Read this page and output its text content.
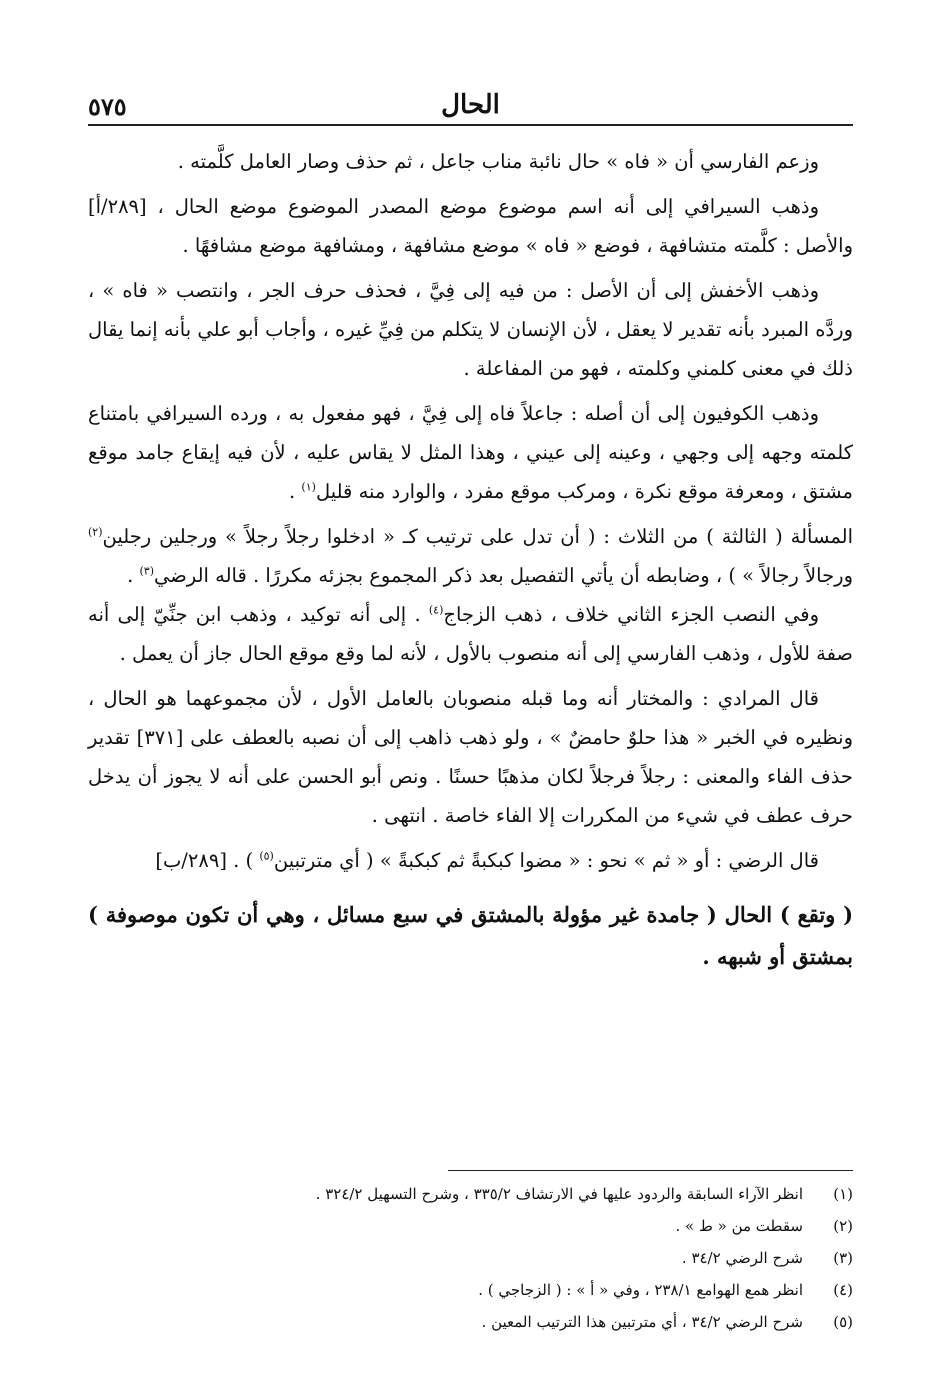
٥٧٥	الحال

وزعم الفارسي أن « فاه » حال نائبة مناب جاعل ، ثم حذف وصار العامل كلَّمته .

وذهب السيرافي إلى أنه اسم موضوع موضع المصدر الموضوع موضع الحال ، [٢٨٩/أ] والأصل : كلَّمته متشافهة ، فوضع « فاه » موضع مشافهة ، ومشافهة موضع مشافهًا .

وذهب الأخفش إلى أن الأصل : من فيه إلى فِيَّ ، فحذف حرف الجر ، وانتصب « فاه » ، وردَّه المبرد بأنه تقدير لا يعقل ، لأن الإنسان لا يتكلم من فِيِّ غيره ، وأجاب أبو علي بأنه إنما يقال ذلك في معنى كلمني وكلمته ، فهو من المفاعلة .

وذهب الكوفيون إلى أن أصله : جاعلاً فاه إلى فِيَّ ، فهو مفعول به ، ورده السيرافي بامتناع كلمته وجهه إلى وجهي ، وعينه إلى عيني ، وهذا المثل لا يقاس عليه ، لأن فيه إيقاع جامد موقع مشتق ، ومعرفة موقع نكرة ، ومركب موقع مفرد ، والوارد منه قليل$^{(١)}$ .

المسألة ( الثالثة ) من الثلاث : ( أن تدل على ترتيب كـ « ادخلوا رجلاً رجلاً » ورجلين رجلين$^{(٢)}$ ورجالاً رجالاً » ) ، وضابطه أن يأتي التفصيل بعد ذكر المجموع بجزئه مكررًا . قاله الرضي$^{(٣)}$ .

وفي النصب الجزء الثاني خلاف ، ذهب الزجاج$^{(٤)}$ . إلى أنه توكيد ، وذهب ابن جنِّيّ إلى أنه صفة للأول ، وذهب الفارسي إلى أنه منصوب بالأول ، لأنه لما وقع موقع الحال جاز أن يعمل .

قال المرادي : والمختار أنه وما قبله منصوبان بالعامل الأول ، لأن مجموعهما هو الحال ، ونظيره في الخبر « هذا حلوٌ حامضٌ » ، ولو ذهب ذاهب إلى أن نصبه بالعطف على [٣٧١] تقدير حذف الفاء والمعنى : رجلاً فرجلاً لكان مذهبًا حسنًا . ونص أبو الحسن على أنه لا يجوز أن يدخل حرف عطف في شيء من المكررات إلا الفاء خاصة . انتهى .

قال الرضي : أو « ثم » نحو : « مضوا كبكبةً ثم كبكبةً » ( أي مترتبين$^{(٥)}$ ) . [٢٨٩/ب]

( وتقع ) الحال ( جامدة غير مؤولة بالمشتق في سبع مسائل ، وهي أن تكون موصوفة ) بمشتق أو شبهه .
(١)
انظر الآراء السابقة والردود عليها في الارتشاف ٣٣٥/٢ ، وشرح التسهيل ٣٢٤/٢ .
(٢)
سقطت من « ط » .
(٣)
شرح الرضي ٣٤/٢ .
(٤)
انظر همع الهوامع ٢٣٨/١ ، وفي « أ » : ( الزجاجي ) .
(٥)
شرح الرضي ٣٤/٢ ، أي مترتبين هذا الترتيب المعين .
